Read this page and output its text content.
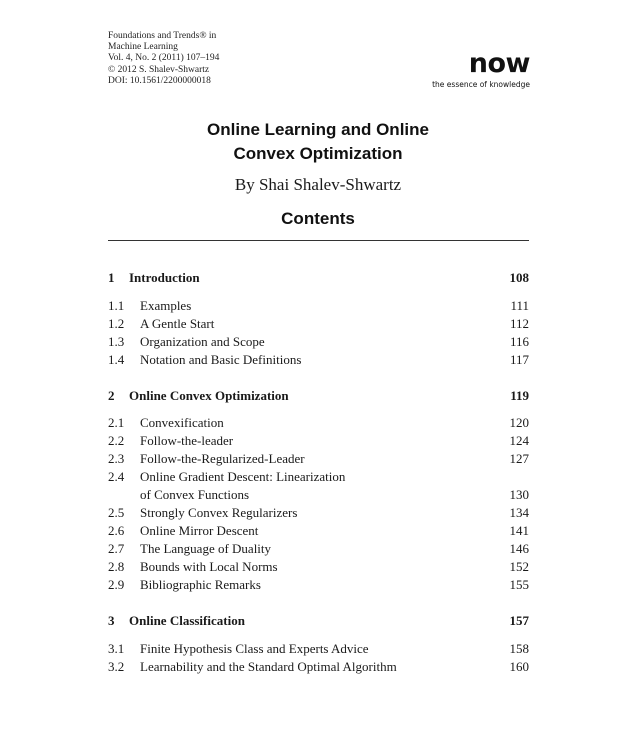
Foundations and Trends® in
Machine Learning
Vol. 4, No. 2 (2011) 107–194
© 2012 S. Shalev-Shwartz
DOI: 10.1561/2200000018
now
the essence of knowledge
Online Learning and Online
Convex Optimization
By Shai Shalev-Shwartz
Contents
1 Introduction	108
1.1 Examples	111
1.2 A Gentle Start	112
1.3 Organization and Scope	116
1.4 Notation and Basic Definitions	117
2 Online Convex Optimization	119
2.1 Convexification	120
2.2 Follow-the-leader	124
2.3 Follow-the-Regularized-Leader	127
2.4 Online Gradient Descent: Linearization
of Convex Functions	130
2.5 Strongly Convex Regularizers	134
2.6 Online Mirror Descent	141
2.7 The Language of Duality	146
2.8 Bounds with Local Norms	152
2.9 Bibliographic Remarks	155
3 Online Classification	157
3.1 Finite Hypothesis Class and Experts Advice	158
3.2 Learnability and the Standard Optimal Algorithm	160
